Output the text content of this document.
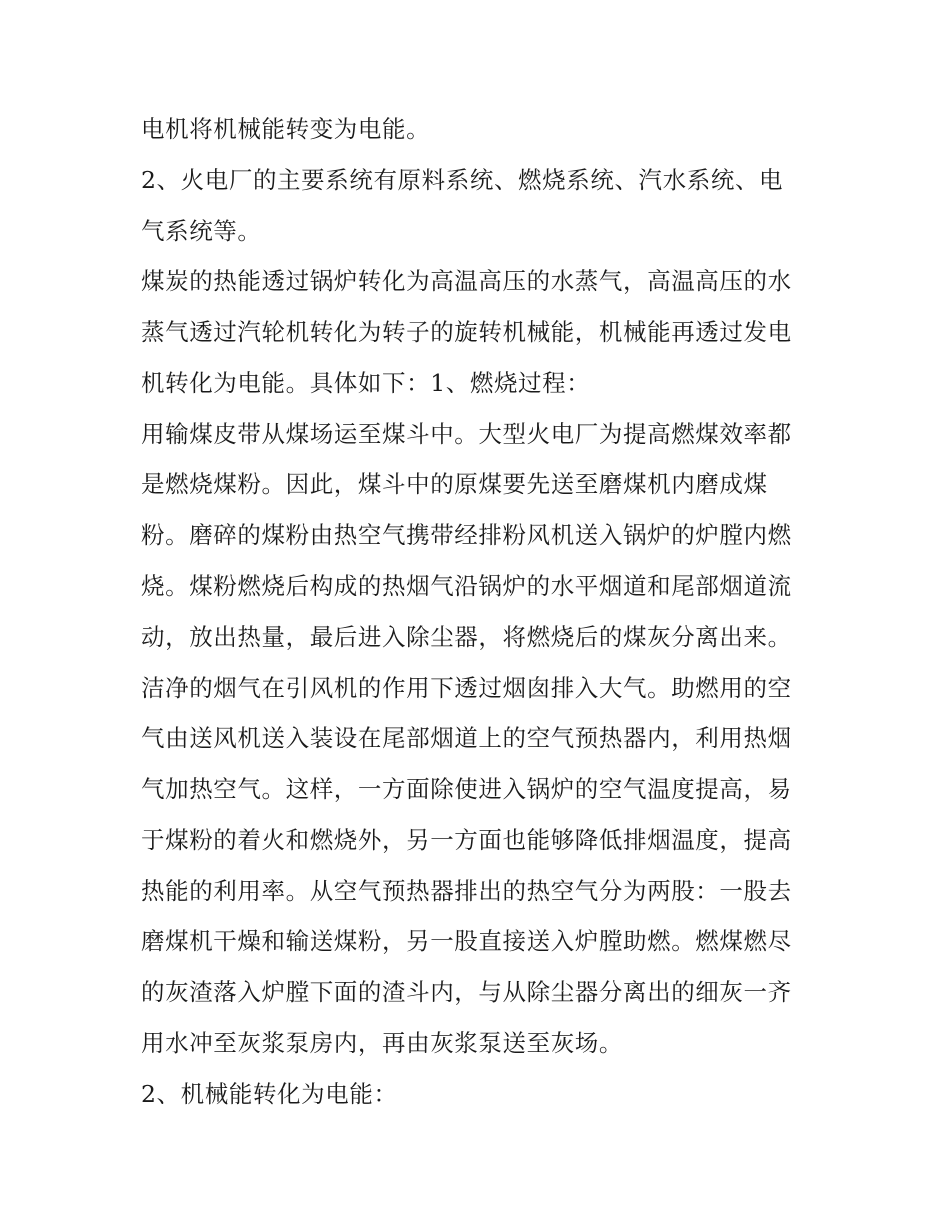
电机将机械能转变为电能。
2、火电厂的主要系统有原料系统、燃烧系统、汽水系统、电
气系统等。
煤炭的热能透过锅炉转化为高温高压的水蒸气，高温高压的水
蒸气透过汽轮机转化为转子的旋转机械能，机械能再透过发电
机转化为电能。具体如下：1、燃烧过程：
用输煤皮带从煤场运至煤斗中。大型火电厂为提高燃煤效率都
是燃烧煤粉。因此，煤斗中的原煤要先送至磨煤机内磨成煤
粉。磨碎的煤粉由热空气携带经排粉风机送入锅炉的炉膛内燃
烧。煤粉燃烧后构成的热烟气沿锅炉的水平烟道和尾部烟道流
动，放出热量，最后进入除尘器，将燃烧后的煤灰分离出来。
洁净的烟气在引风机的作用下透过烟囱排入大气。助燃用的空
气由送风机送入装设在尾部烟道上的空气预热器内，利用热烟
气加热空气。这样，一方面除使进入锅炉的空气温度提高，易
于煤粉的着火和燃烧外，另一方面也能够降低排烟温度，提高
热能的利用率。从空气预热器排出的热空气分为两股：一股去
磨煤机干燥和输送煤粉，另一股直接送入炉膛助燃。燃煤燃尽
的灰渣落入炉膛下面的渣斗内，与从除尘器分离出的细灰一齐
用水冲至灰浆泵房内，再由灰浆泵送至灰场。
2、机械能转化为电能：
